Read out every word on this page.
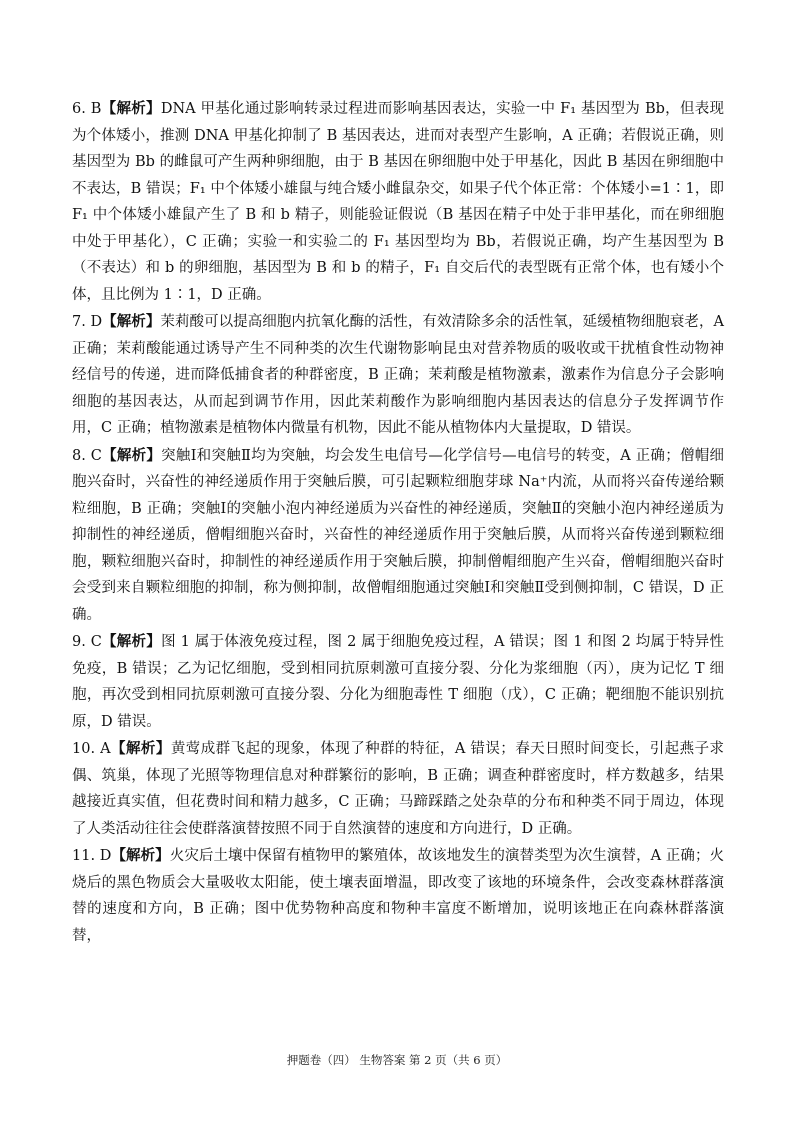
6. B【解析】DNA 甲基化通过影响转录过程进而影响基因表达，实验一中 F₁ 基因型为 Bb，但表现为个体矮小，推测 DNA 甲基化抑制了 B 基因表达，进而对表型产生影响，A 正确；若假说正确，则基因型为 Bb 的雌鼠可产生两种卵细胞，由于 B 基因在卵细胞中处于甲基化，因此 B 基因在卵细胞中不表达，B 错误；F₁ 中个体矮小雄鼠与纯合矮小雌鼠杂交，如果子代个体正常：个体矮小=1∶1，即 F₁ 中个体矮小雄鼠产生了 B 和 b 精子，则能验证假说（B 基因在精子中处于非甲基化，而在卵细胞中处于甲基化），C 正确；实验一和实验二的 F₁ 基因型均为 Bb，若假说正确，均产生基因型为 B（不表达）和 b 的卵细胞，基因型为 B 和 b 的精子，F₁ 自交后代的表型既有正常个体，也有矮小个体，且比例为 1∶1，D 正确。

7. D【解析】茉莉酸可以提高细胞内抗氧化酶的活性，有效清除多余的活性氧，延缓植物细胞衰老，A 正确；茉莉酸能通过诱导产生不同种类的次生代谢物影响昆虫对营养物质的吸收或干扰植食性动物神经信号的传递，进而降低捕食者的种群密度，B 正确；茉莉酸是植物激素，激素作为信息分子会影响细胞的基因表达，从而起到调节作用，因此茉莉酸作为影响细胞内基因表达的信息分子发挥调节作用，C 正确；植物激素是植物体内微量有机物，因此不能从植物体内大量提取，D 错误。

8. C【解析】突触Ⅰ和突触Ⅱ均为突触，均会发生电信号—化学信号—电信号的转变，A 正确；僧帽细胞兴奋时，兴奋性的神经递质作用于突触后膜，可引起颗粒细胞芽球 Na⁺内流，从而将兴奋传递给颗粒细胞，B 正确；突触Ⅰ的突触小泡内神经递质为兴奋性的神经递质，突触Ⅱ的突触小泡内神经递质为抑制性的神经递质，僧帽细胞兴奋时，兴奋性的神经递质作用于突触后膜，从而将兴奋传递到颗粒细胞，颗粒细胞兴奋时，抑制性的神经递质作用于突触后膜，抑制僧帽细胞产生兴奋，僧帽细胞兴奋时会受到来自颗粒细胞的抑制，称为侧抑制，故僧帽细胞通过突触Ⅰ和突触Ⅱ受到侧抑制，C 错误，D 正确。

9. C【解析】图 1 属于体液免疫过程，图 2 属于细胞免疫过程，A 错误；图 1 和图 2 均属于特异性免疫，B 错误；乙为记忆细胞，受到相同抗原刺激可直接分裂、分化为浆细胞（丙），庚为记忆 T 细胞，再次受到相同抗原刺激可直接分裂、分化为细胞毒性 T 细胞（戊），C 正确；靶细胞不能识别抗原，D 错误。

10. A【解析】黄莺成群飞起的现象，体现了种群的特征，A 错误；春天日照时间变长，引起燕子求偶、筑巢，体现了光照等物理信息对种群繁衍的影响，B 正确；调查种群密度时，样方数越多，结果越接近真实值，但花费时间和精力越多，C 正确；马蹄踩踏之处杂草的分布和种类不同于周边，体现了人类活动往往会使群落演替按照不同于自然演替的速度和方向进行，D 正确。

11. D【解析】火灾后土壤中保留有植物甲的繁殖体，故该地发生的演替类型为次生演替，A 正确；火烧后的黑色物质会大量吸收太阳能，使土壤表面增温，即改变了该地的环境条件，会改变森林群落演替的速度和方向，B 正确；图中优势物种高度和物种丰富度不断增加，说明该地正在向森林群落演替，

押题卷（四） 生物答案 第 2 页（共 6 页）
